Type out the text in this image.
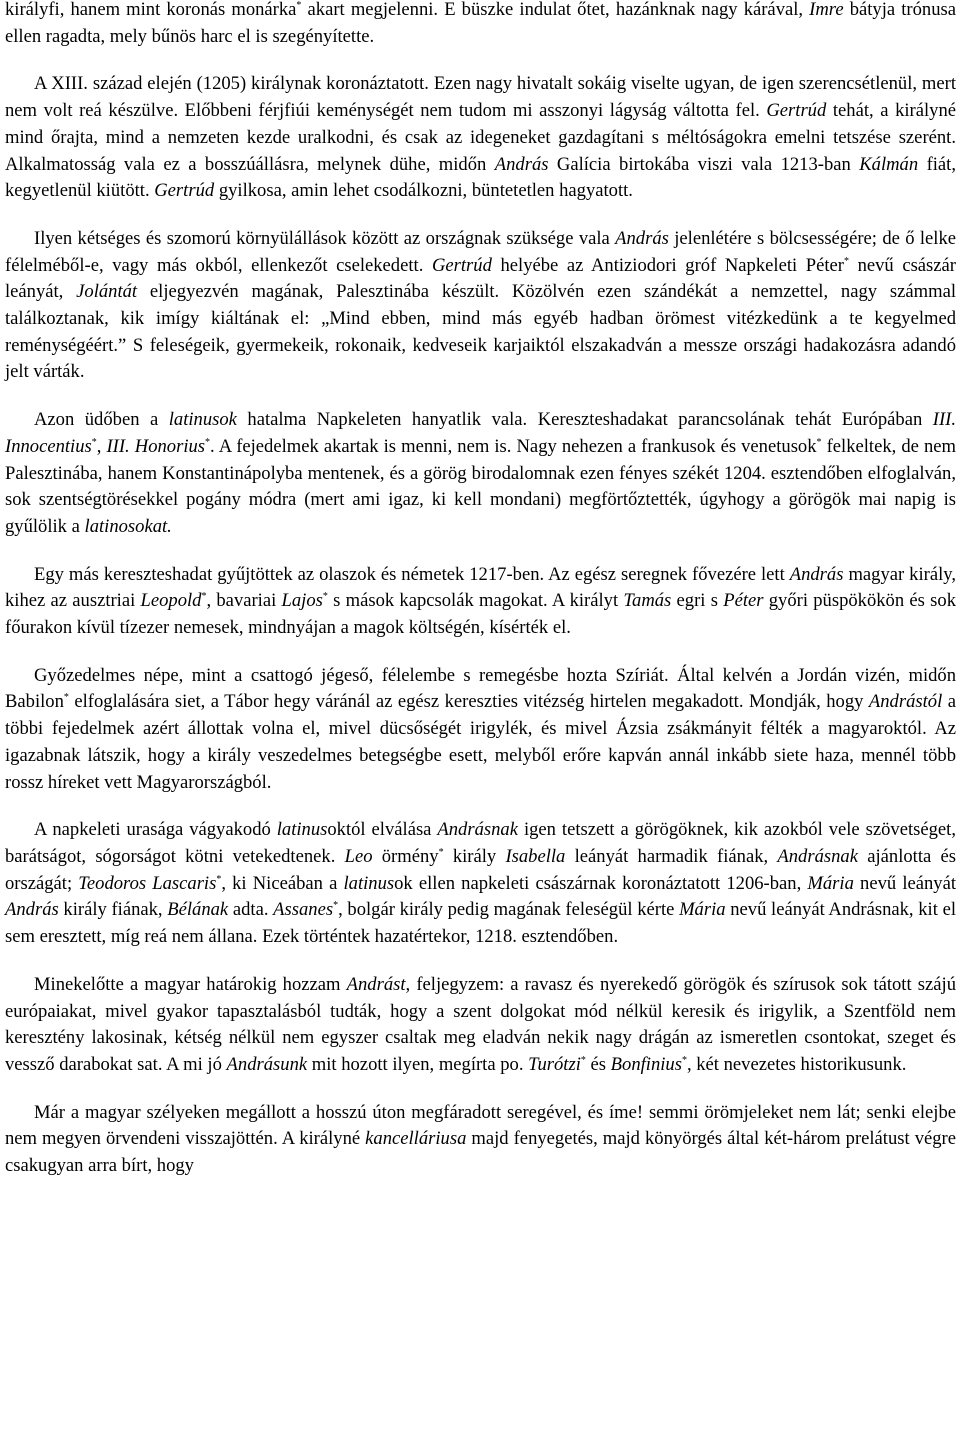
királyfi, hanem mint koronás monárka* akart megjelenni. E büszke indulat őtet, hazánknak nagy kárával, Imre bátyja trónusa ellen ragadta, mely bűnös harc el is szegényítette.

A XIII. század elején (1205) királynak koronáztatott. Ezen nagy hivatalt sokáig viselte ugyan, de igen szerencsétlenül, mert nem volt reá készülve. Előbbeni férjfiúi keménységét nem tudom mi asszonyi lágyság váltotta fel. Gertrúd tehát, a királyné mind őrajta, mind a nemzeten kezde uralkodni, és csak az idegeneket gazdagítani s méltóságokra emelni tetszése szerént. Alkalmatosság vala ez a bosszúállásra, melynek dühe, midőn András Galícia birtokába viszi vala 1213-ban Kálmán fiát, kegyetlenül kiütött. Gertrúd gyilkosa, amin lehet csodálkozni, büntetetlen hagyatott.

Ilyen kétséges és szomorú környülállások között az országnak szüksége vala András jelenlétére s bölcsességére; de ő lelke félelméből-e, vagy más okból, ellenkezőt cselekedett. Gertrúd helyébe az Antiziodori gróf Napkeleti Péter* nevű császár leányát, Jolántát eljegyezvén magának, Palesztinába készült. Közölvén ezen szándékát a nemzettel, nagy számmal találkoztanak, kik imígy kiáltának el: „Mind ebben, mind más egyéb hadban örömest vitézkedünk a te kegyelmed reménységéért.” S feleségeik, gyermekeik, rokonaik, kedveseik karjaiktól elszakadván a messze országi hadakozásra adandó jelt várták.

Azon üdőben a latinusok hatalma Napkeleten hanyatlik vala. Kereszteshadakat parancsolának tehát Európában III. Innocentius*, III. Honorius*. A fejedelmek akartak is menni, nem is. Nagy nehezen a frankusok és venetusok* felkeltek, de nem Palesztinába, hanem Konstantinápolyba mentenek, és a görög birodalomnak ezen fényes székét 1204. esztendőben elfoglalván, sok szentségtörésekkel pogány módra (mert ami igaz, ki kell mondani) megförtőztették, úgyhogy a görögök mai napig is gyűlölik a latinosokat.

Egy más kereszteshadat gyűjtöttek az olaszok és németek 1217-ben. Az egész seregnek fővezére lett András magyar király, kihez az ausztriai Leopold*, bavariai Lajos* s mások kapcsolák magokat. A királyt Tamás egri s Péter győri püspökökön és sok főurakon kívül tízezer nemesek, mindnyájan a magok költségén, kísérték el.

Győzedelmes népe, mint a csattogó jégeső, félelembe s remegésbe hozta Szíriát. Által kelvén a Jordán vizén, midőn Babilon* elfoglalására siet, a Tábor hegy váránál az egész kereszties vitézség hirtelen megakadott. Mondják, hogy Andrástól a többi fejedelmek azért állottak volna el, mivel dücsőségét irigylék, és mivel Ázsia zsákmányit félték a magyaroktól. Az igazabnak látszik, hogy a király veszedelmes betegségbe esett, melyből erőre kapván annál inkább siete haza, mennél több rossz híreket vett Magyarországból.

A napkeleti urasága vágyakodó latinusoktól elválása Andrásnak igen tetszett a görögöknek, kik azokból vele szövetséget, barátságot, sógorságot kötni vetekedtenek. Leo örmény* király Isabella leányát harmadik fiának, Andrásnak ajánlotta és országát; Teodoros Lascaris*, ki Niceában a latinusok ellen napkeleti császárnak koronáztatott 1206-ban, Mária nevű leányát András király fiának, Bélának adta. Assanes*, bolgár király pedig magának feleségül kérte Mária nevű leányát Andrásnak, kit el sem eresztett, míg reá nem állana. Ezek történtek hazatértekor, 1218. esztendőben.

Minekelőtte a magyar határokig hozzam Andrást, feljegyzem: a ravasz és nyerekedő görögök és szírusok sok tátott szájú európaiakat, mivel gyakor tapasztalásból tudták, hogy a szent dolgokat mód nélkül keresik és irigylik, a Szentföld nem keresztény lakosinak, kétség nélkül nem egyszer csaltak meg eladván nekik nagy drágán az ismeretlen csontokat, szeget és vessző darabokat sat. A mi jó Andrásunk mit hozott ilyen, megírta po. Turótzi* és Bonfinius*, két nevezetes historikusunk.

Már a magyar szélyeken megállott a hosszú úton megfáradott seregével, és íme! semmi örömjeleket nem lát; senki elejbe nem megyen örvendeni visszajöttén. A királyné kancelláriusa majd fenyegetés, majd könyörgés által két-három prelátust végre csakugyan arra bírt, hogy
